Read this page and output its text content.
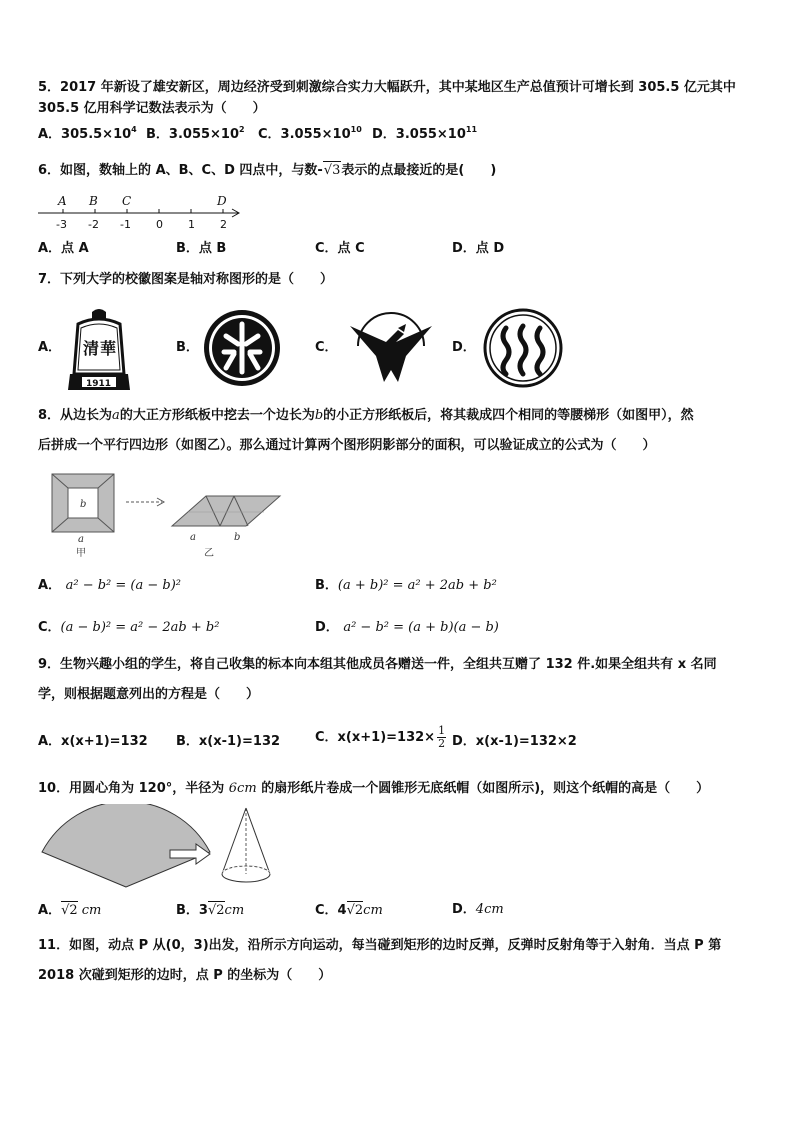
5．2017 年新设了雄安新区，周边经济受到刺激综合实力大幅跃升，其中某地区生产总值预计可增长到 305.5 亿元其中
305.5 亿用科学记数法表示为（　　）
A．$305.5\times 10^4$ B．$3.055\times 10^2$ C．$3.055\times 10^{10}$ D．$3.055\times 10^{11}$
6．如图，数轴上的 A、B、C、D 四点中，与数-√3表示的点最接近的是(　　)
A B C	D
-3 -2 -1 0 1 2
A．点 A	B．点 B	C．点 C	D．点 D
7．下列大学的校徽图案是轴对称图形的是（　　）
A． 清 華
1911
B．	C．	D．
8．从边长为a的大正方形纸板中挖去一个边长为b的小正方形纸板后，将其裁成四个相同的等腰梯形（如图甲），然
后拼成一个平行四边形（如图乙）。那么通过计算两个图形阴影部分的面积，可以验证成立的公式为（　　）
b
a
甲
a	b
乙
A． a² − b² = (a − b)²	B．(a + b)² = a² + 2ab + b²
C．(a − b)² = a² − 2ab + b²	D． a² − b² = (a + b)(a − b)
9．生物兴趣小组的学生，将自己收集的标本向本组其他成员各赠送一件，全组共互赠了 132 件.如果全组共有 x 名同
学，则根据题意列出的方程是（　　）
A．x(x+1)=132 B．x(x-1)=132	C．$x(x+1)=132\times \frac{1}{2}$ D．x(x-1)=132×2
10．用圆心角为 120°，半径为 6cm 的扇形纸片卷成一个圆锥形无底纸帽（如图所示)，则这个纸帽的高是（　　）
A．√2 cm	B．3√2cm	C．4√2cm	D．4cm
11．如图，动点 P 从(0，3)出发，沿所示方向运动，每当碰到矩形的边时反弹，反弹时反射角等于入射角．当点 P 第
2018 次碰到矩形的边时，点 P 的坐标为（　　）
